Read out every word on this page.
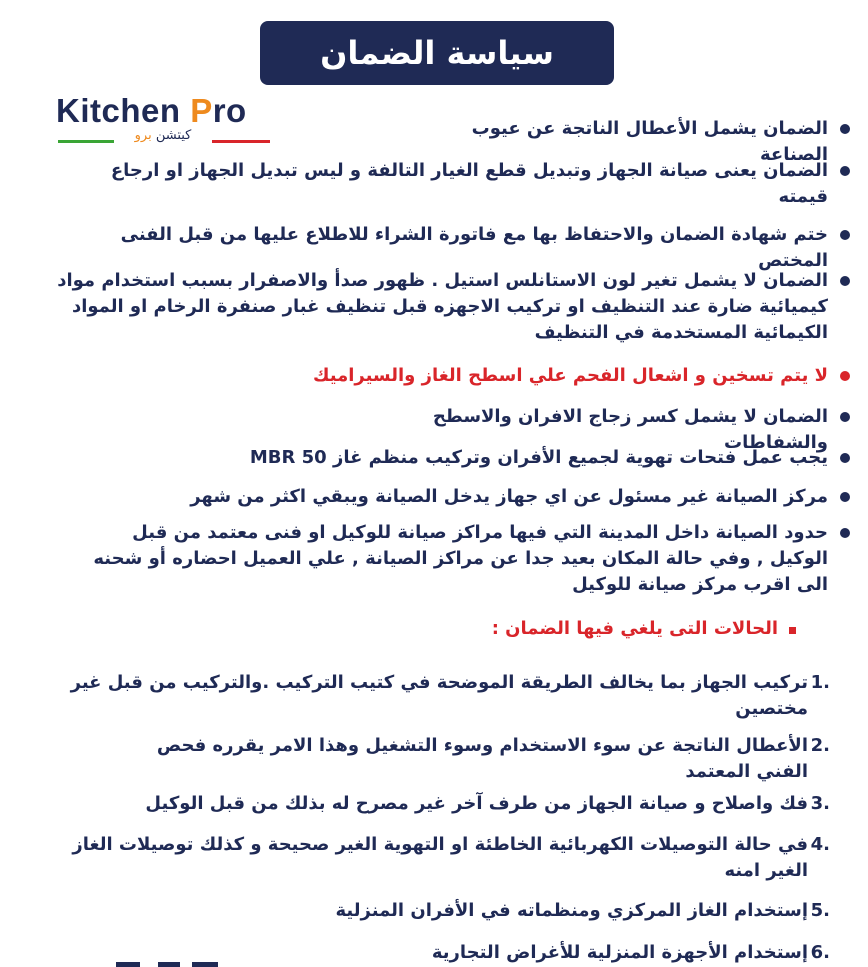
سياسة الضمان
Kitchen Pro
كيتشن برو	الضمان يشمل الأعطال الناتجة عن عيوب الصناعة
الضمان يعنى صيانة الجهاز وتبديل قطع الغيار التالفة و ليس تبديل الجهاز او ارجاع قيمته
ختم شهادة الضمان والاحتفاظ بها مع فاتورة الشراء للاطلاع عليها من قبل الفنى المختص
الضمان لا يشمل تغير لون الاستانلس استيل . ظهور صدأ والاصفرار بسبب استخدام مواد كيميائية ضارة عند التنظيف او تركيب الاجهزه قبل تنظيف غبار صنفرة الرخام او المواد الكيمائية المستخدمة في التنظيف
لا يتم تسخين و اشعال الفحم علي اسطح الغاز والسيراميك
الضمان لا يشمل كسر زجاج الافران والاسطح والشفاطات
يجب عمل فتحات تهوية لجميع الأفران وتركيب منظم غاز 50 MBR
مركز الصيانة غير مسئول عن اي جهاز يدخل الصيانة ويبقي اكثر من شهر
حدود الصيانة داخل المدينة التي فيها مراكز صيانة للوكيل او فنى معتمد من قبل الوكيل , وفي حالة المكان بعيد جدا عن مراكز الصيانة , علي العميل احضاره أو شحنه الى اقرب مركز صيانة للوكيل
الحالات التى يلغي فيها الضمان :
.1
تركيب الجهاز بما يخالف الطريقة الموضحة في كتيب التركيب .والتركيب من قبل غير مختصين
.2
الأعطال الناتجة عن سوء الاستخدام وسوء التشغيل وهذا الامر يقرره فحص الفني المعتمد
.3
فك واصلاح و صيانة الجهاز من طرف آخر غير مصرح له بذلك من قبل الوكيل
.4
في حالة التوصيلات الكهربائية الخاطئة او التهوية الغير صحيحة و كذلك توصيلات الغاز الغير امنه
.5
إستخدام الغاز المركزي ومنظماته في الأفران المنزلية
.6
إستخدام الأجهزة المنزلية للأغراض التجارية
